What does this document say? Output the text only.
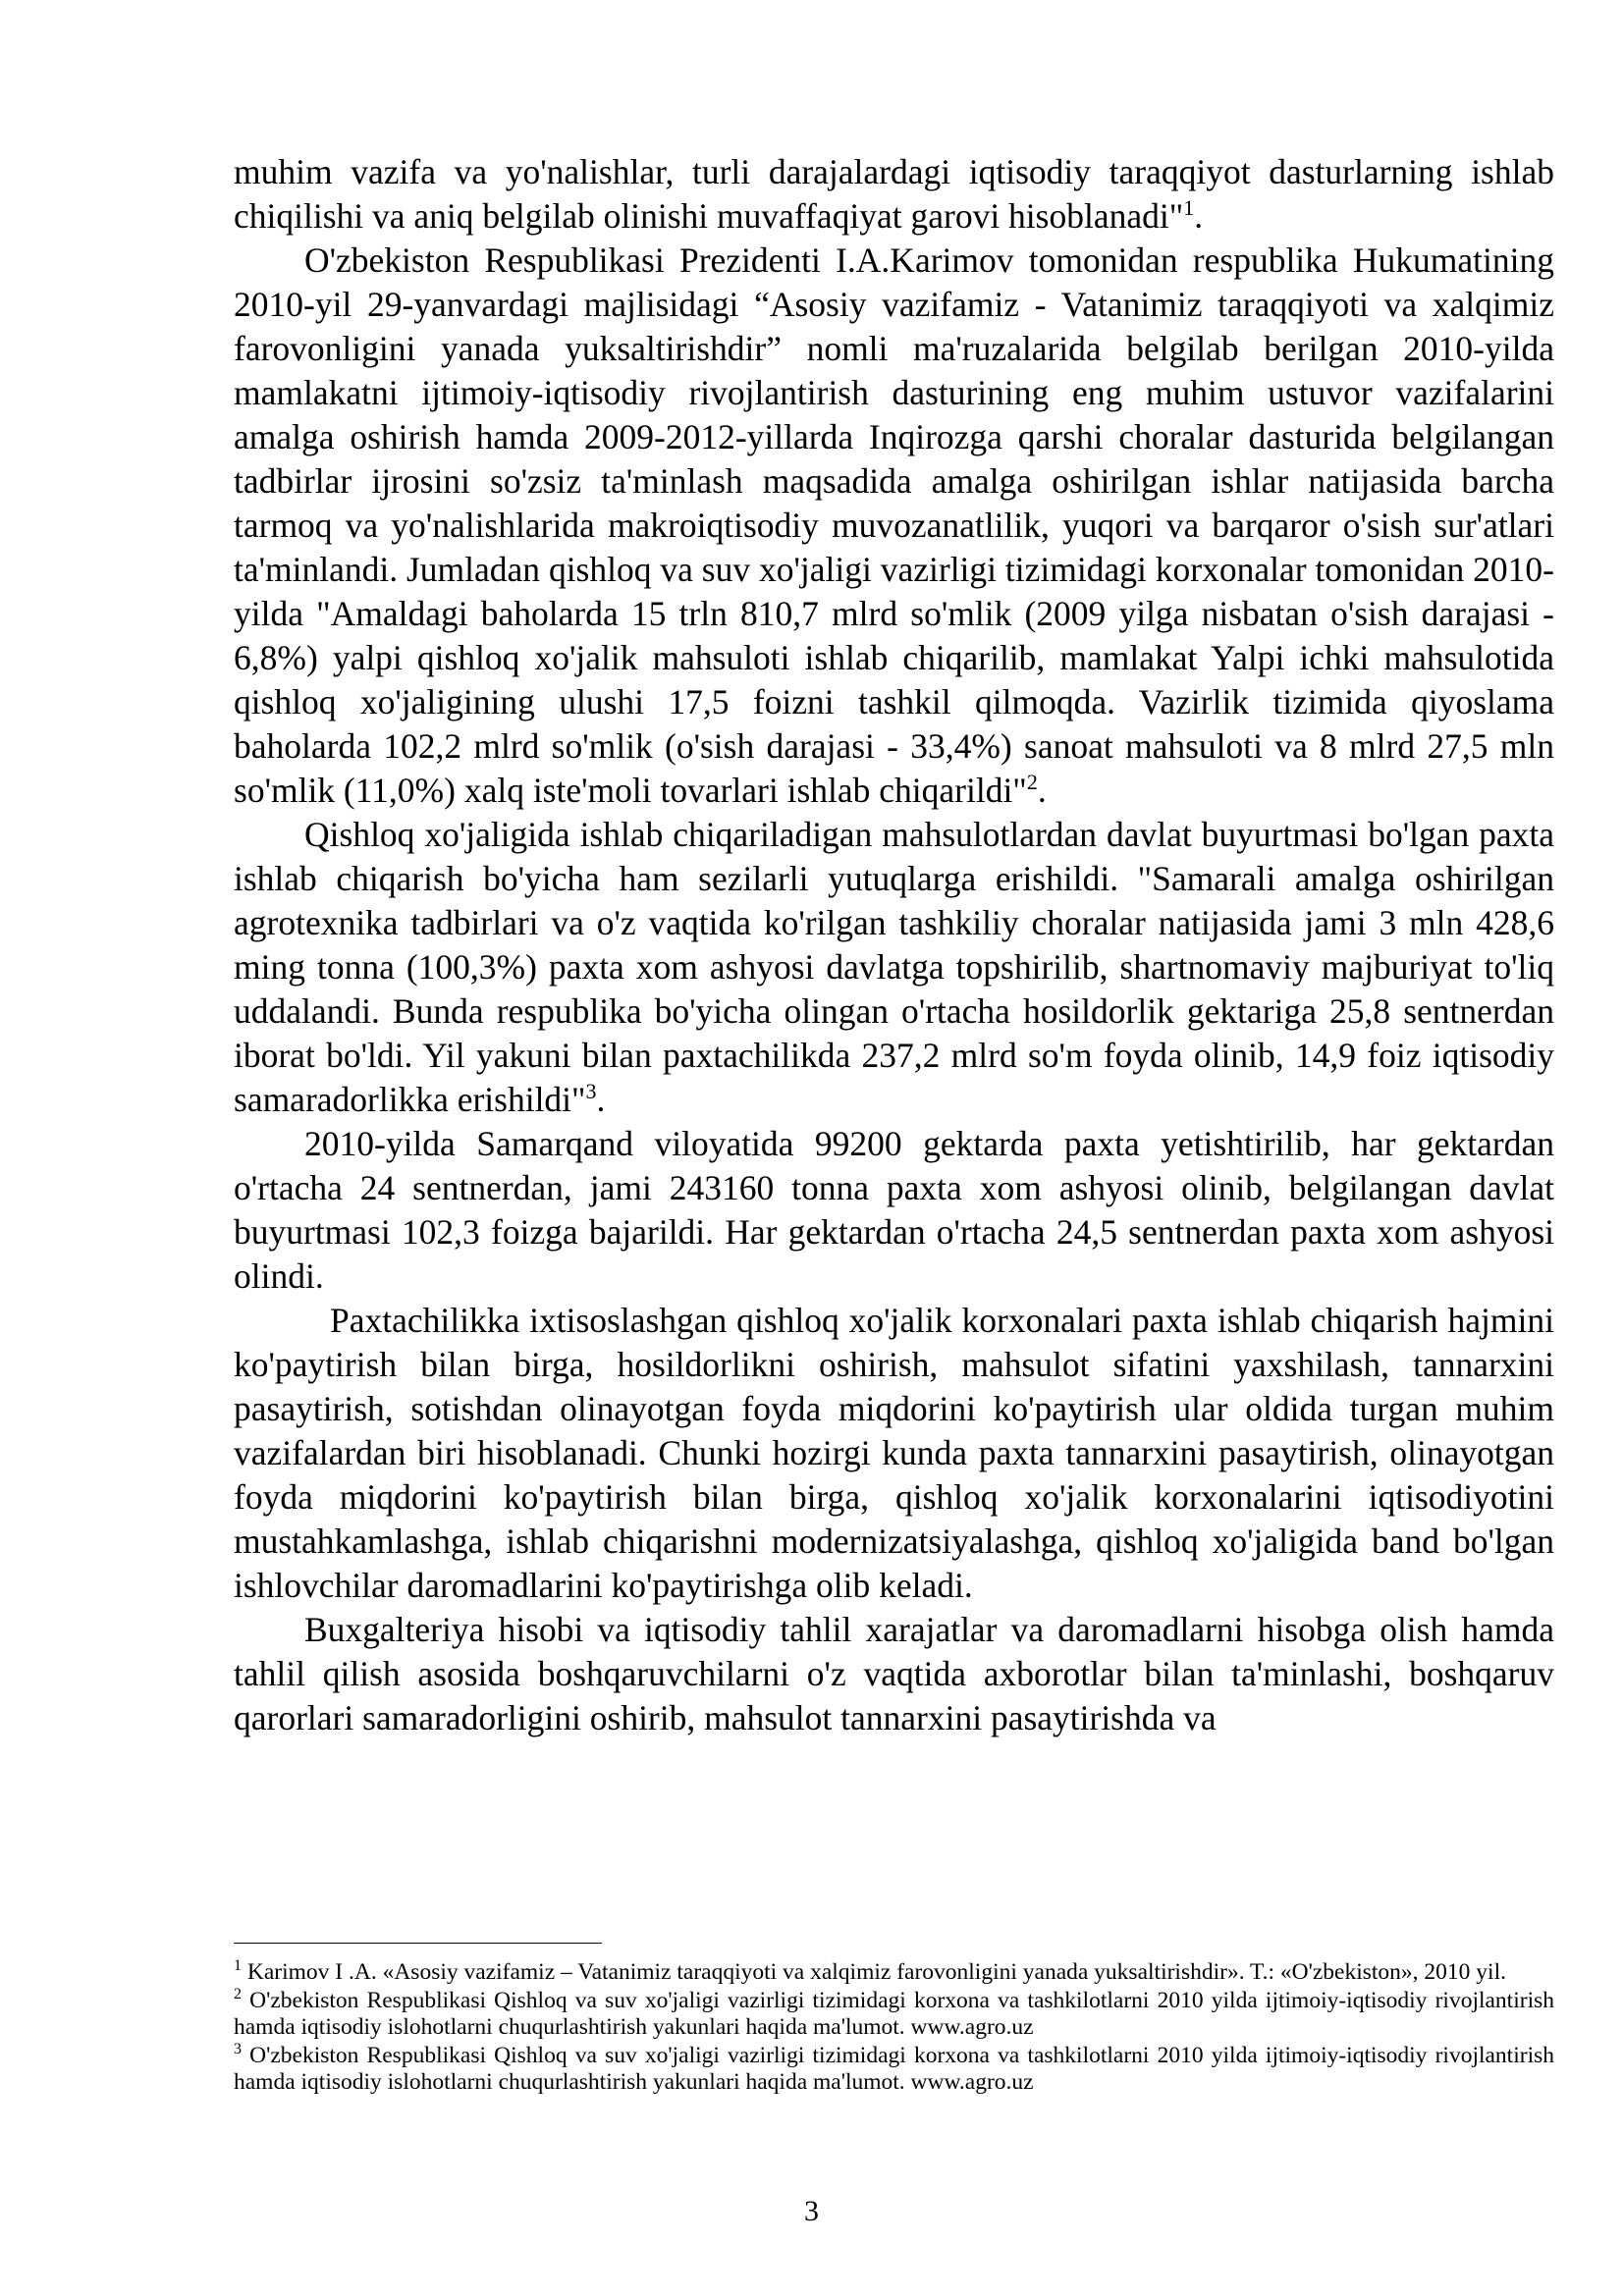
muhim vazifa va yo'nalishlar, turli darajalardagi iqtisodiy taraqqiyot dasturlarning ishlab chiqilishi va aniq belgilab olinishi muvaffaqiyat garovi hisoblanadi"$^1$.

O'zbekiston Respublikasi Prezidenti I.A.Karimov tomonidan respublika Hukumatining 2010-yil 29-yanvardagi majlisidagi “Asosiy vazifamiz - Vatanimiz taraqqiyoti va xalqimiz farovonligini yanada yuksaltirishdir” nomli ma'ruzalarida belgilab berilgan 2010-yilda mamlakatni ijtimoiy-iqtisodiy rivojlantirish dasturining eng muhim ustuvor vazifalarini amalga oshirish hamda 2009-2012-yillarda Inqirozga qarshi choralar dasturida belgilangan tadbirlar ijrosini so'zsiz ta'minlash maqsadida amalga oshirilgan ishlar natijasida barcha tarmoq va yo'nalishlarida makroiqtisodiy muvozanatlilik, yuqori va barqaror o'sish sur'atlari ta'minlandi. Jumladan qishloq va suv xo'jaligi vazirligi tizimidagi korxonalar tomonidan 2010-yilda "Amaldagi baholarda 15 trln 810,7 mlrd so'mlik (2009 yilga nisbatan o'sish darajasi - 6,8%) yalpi qishloq xo'jalik mahsuloti ishlab chiqarilib, mamlakat Yalpi ichki mahsulotida qishloq xo'jaligining ulushi 17,5 foizni tashkil qilmoqda. Vazirlik tizimida qiyoslama baholarda 102,2 mlrd so'mlik (o'sish darajasi - 33,4%) sanoat mahsuloti va 8 mlrd 27,5 mln so'mlik (11,0%) xalq iste'moli tovarlari ishlab chiqarildi"$^2$.

Qishloq xo'jaligida ishlab chiqariladigan mahsulotlardan davlat buyurtmasi bo'lgan paxta ishlab chiqarish bo'yicha ham sezilarli yutuqlarga erishildi. "Samarali amalga oshirilgan agrotexnika tadbirlari va o'z vaqtida ko'rilgan tashkiliy choralar natijasida jami 3 mln 428,6 ming tonna (100,3%) paxta xom ashyosi davlatga topshirilib, shartnomaviy majburiyat to'liq uddalandi. Bunda respublika bo'yicha olingan o'rtacha hosildorlik gektariga 25,8 sentnerdan iborat bo'ldi. Yil yakuni bilan paxtachilikda 237,2 mlrd so'm foyda olinib, 14,9 foiz iqtisodiy samaradorlikka erishildi"$^3$.

2010-yilda Samarqand viloyatida 99200 gektarda paxta yetishtirilib, har gektardan o'rtacha 24 sentnerdan, jami 243160 tonna paxta xom ashyosi olinib, belgilangan davlat buyurtmasi 102,3 foizga bajarildi. Har gektardan o'rtacha 24,5 sentnerdan paxta xom ashyosi olindi.

Paxtachilikka ixtisoslashgan qishloq xo'jalik korxonalari paxta ishlab chiqarish hajmini ko'paytirish bilan birga, hosildorlikni oshirish, mahsulot sifatini yaxshilash, tannarxini pasaytirish, sotishdan olinayotgan foyda miqdorini ko'paytirish ular oldida turgan muhim vazifalardan biri hisoblanadi. Chunki hozirgi kunda paxta tannarxini pasaytirish, olinayotgan foyda miqdorini ko'paytirish bilan birga, qishloq xo'jalik korxonalarini iqtisodiyotini mustahkamlashga, ishlab chiqarishni modernizatsiyalashga, qishloq xo'jaligida band bo'lgan ishlovchilar daromadlarini ko'paytirishga olib keladi.

Buxgalteriya hisobi va iqtisodiy tahlil xarajatlar va daromadlarni hisobga olish hamda tahlil qilish asosida boshqaruvchilarni o'z vaqtida axborotlar bilan ta'minlashi, boshqaruv qarorlari samaradorligini oshirib, mahsulot tannarxini pasaytirishda va

$^1$ Karimov I .A. «Asosiy vazifamiz – Vatanimiz taraqqiyoti va xalqimiz farovonligini yanada yuksaltirishdir». T.: «O'zbekiston», 2010 yil.

$^2$ O'zbekiston Respublikasi Qishloq va suv xo'jaligi vazirligi tizimidagi korxona va tashkilotlarni 2010 yilda ijtimoiy-iqtisodiy rivojlantirish hamda iqtisodiy islohotlarni chuqurlashtirish yakunlari haqida ma'lumot. www.agro.uz

$^3$ O'zbekiston Respublikasi Qishloq va suv xo'jaligi vazirligi tizimidagi korxona va tashkilotlarni 2010 yilda ijtimoiy-iqtisodiy rivojlantirish hamda iqtisodiy islohotlarni chuqurlashtirish yakunlari haqida ma'lumot. www.agro.uz

3
